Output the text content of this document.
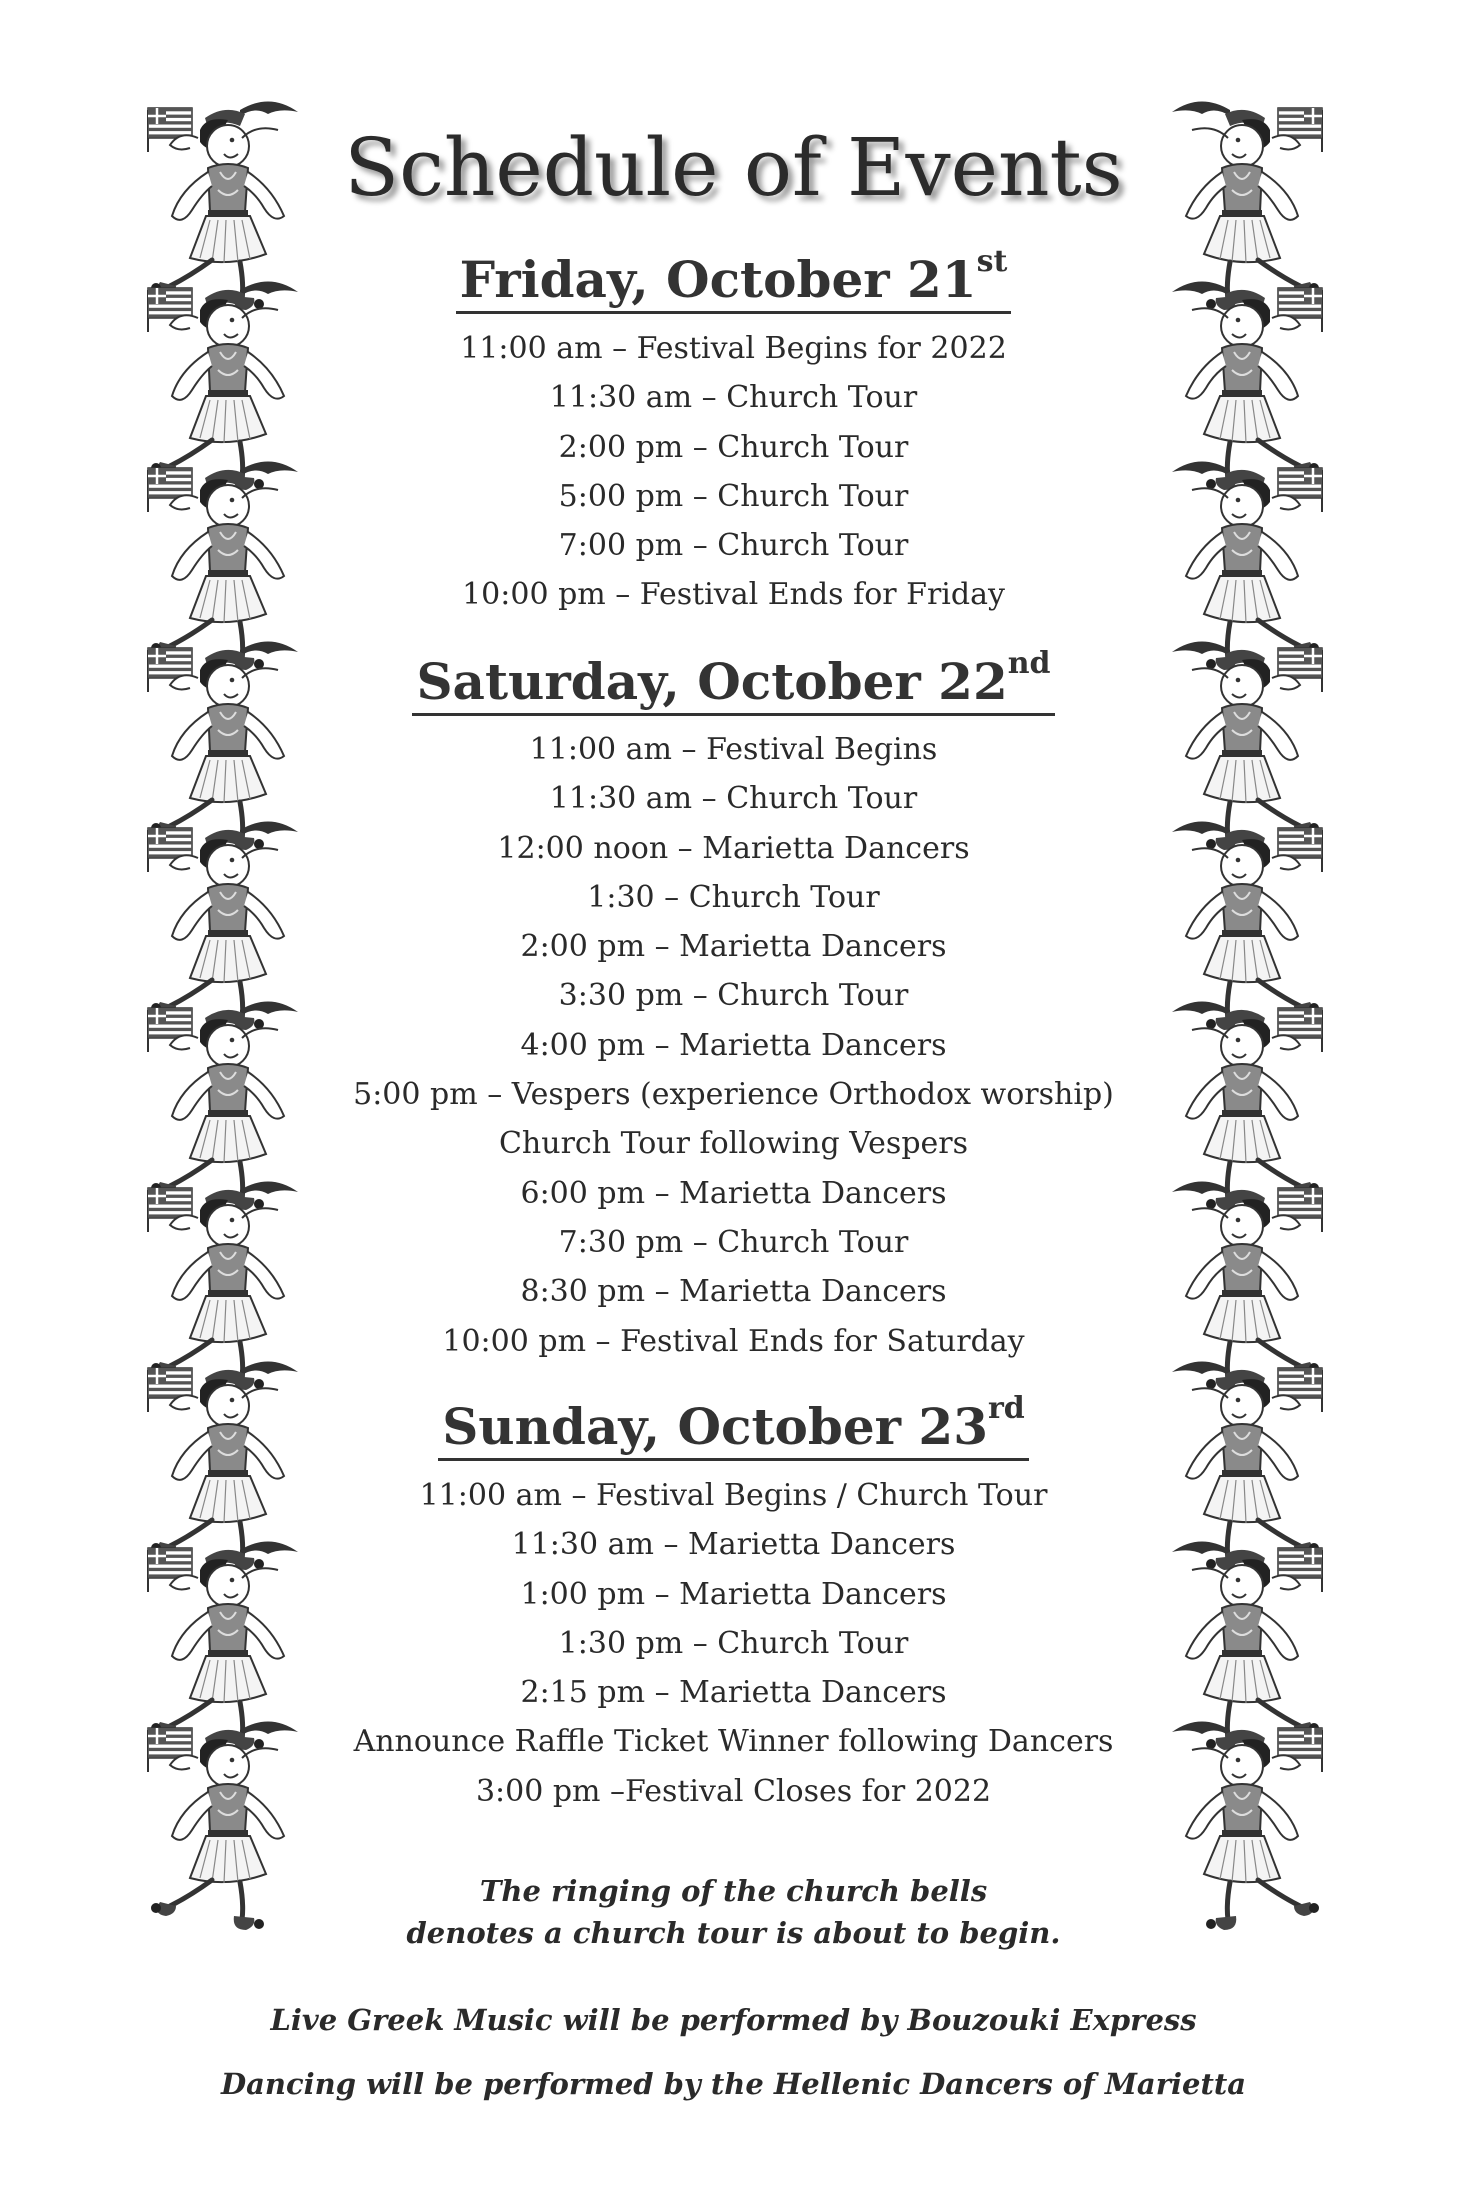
Schedule of Events
Friday, October 21st
11:00 am – Festival Begins for 2022
11:30 am – Church Tour
2:00 pm – Church Tour
5:00 pm – Church Tour
7:00 pm – Church Tour
10:00 pm – Festival Ends for Friday
Saturday, October 22nd
11:00 am – Festival Begins
11:30 am – Church Tour
12:00 noon – Marietta Dancers
1:30 – Church Tour
2:00 pm – Marietta Dancers
3:30 pm – Church Tour
4:00 pm – Marietta Dancers
5:00 pm – Vespers (experience Orthodox worship)
Church Tour following Vespers
6:00 pm – Marietta Dancers
7:30 pm – Church Tour
8:30 pm – Marietta Dancers
10:00 pm – Festival Ends for Saturday
Sunday, October 23rd
11:00 am – Festival Begins / Church Tour
11:30 am – Marietta Dancers
1:00 pm – Marietta Dancers
1:30 pm – Church Tour
2:15 pm – Marietta Dancers
Announce Raffle Ticket Winner following Dancers
3:00 pm –Festival Closes for 2022
The ringing of the church bells
denotes a church tour is about to begin.
Live Greek Music will be performed by Bouzouki Express
Dancing will be performed by the Hellenic Dancers of Marietta
